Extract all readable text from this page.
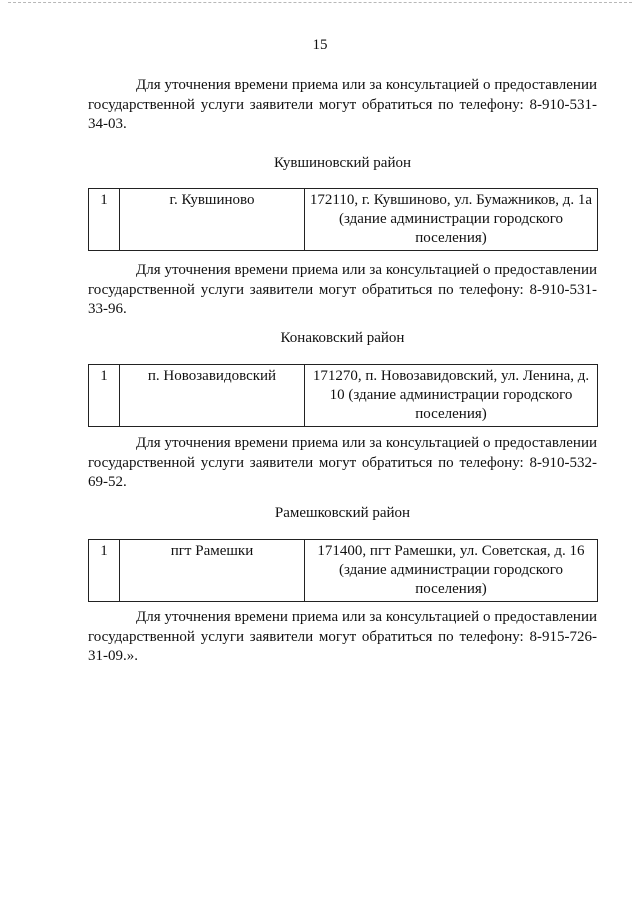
15

Для уточнения времени приема или за консультацией о предоставлении государственной услуги заявители могут обратиться по телефону: 8-910-531-34-03.

Кувшиновский район
1	г. Кувшиново	172110, г. Кувшиново, ул. Бумажников, д. 1а (здание администрации городского поселения)

Для уточнения времени приема или за консультацией о предоставлении государственной услуги заявители могут обратиться по телефону: 8-910-531-33-96.

Конаковский район
1	п. Новозавидовский	171270, п. Новозавидовский, ул. Ленина, д. 10 (здание администрации городского поселения)

Для уточнения времени приема или за консультацией о предоставлении государственной услуги заявители могут обратиться по телефону: 8-910-532-69-52.

Рамешковский район
1	пгт Рамешки	171400, пгт Рамешки, ул. Советская, д. 16 (здание администрации городского поселения)

Для уточнения времени приема или за консультацией о предоставлении государственной услуги заявители могут обратиться по телефону: 8-915-726-31-09.».
